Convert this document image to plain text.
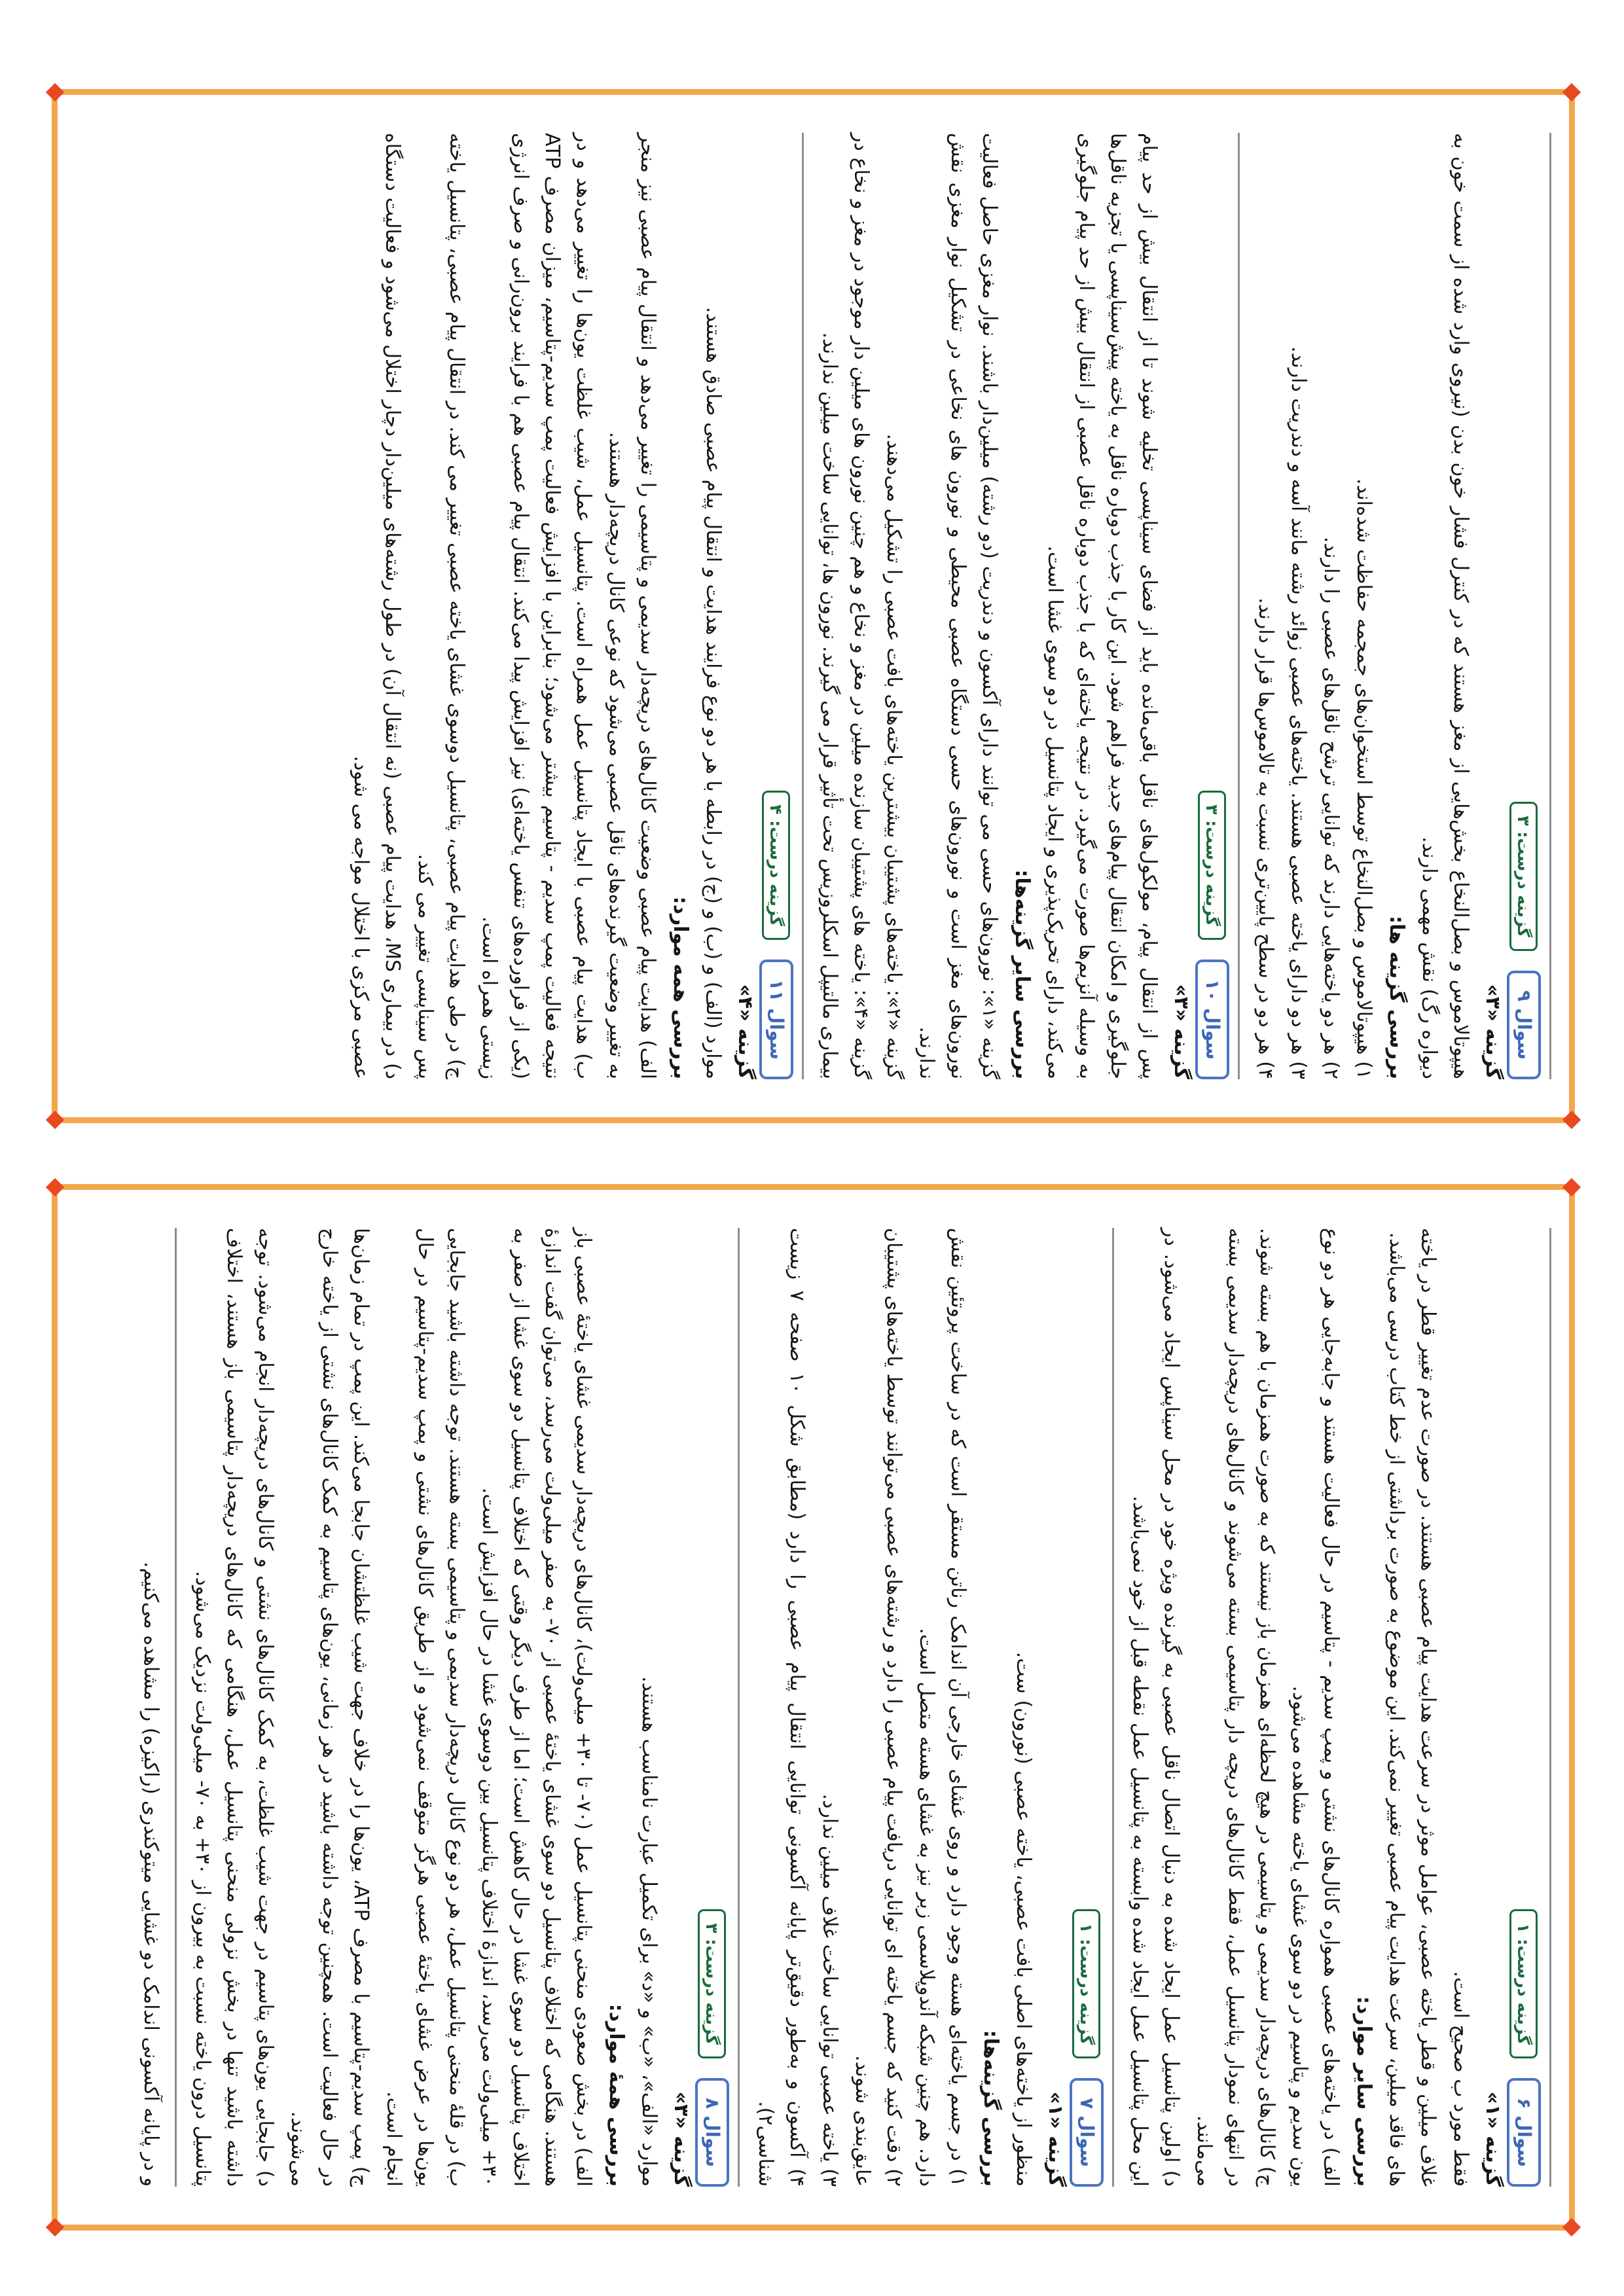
سوال ۹
گزینه درست: ۳
گزینه «۳»

هیپوتالاموس و بصل‌النخاع بخش‌هایی از مغز هستند که در کنترل فشار خون بدن (نیروی وارد شده از سمت خون به دیواره رگ) نقش مهمی دارند.

بررسی گزینه ها:

۱) هیپوتالاموس و بصل‌النخاع توسط استخوان‌های جمجمه حفاظت شده‌اند.

۲) هر دو یاخته‌هایی دارند که توانایی ترشح ناقل‌های عصبی را دارند.

۳) هر دو دارای یاخته عصبی هستند. یاخته‌های عصبی زوائد رشته مانند آسه و دندریت دارند.

۴) هر دو در سطح پایین‌تری نسبت به تالاموس‌ها قرار دارند.

سوال ۱۰
گزینه درست: ۳
گزینه «۳»

پس از انتقال پیام، مولکول‌های ناقل باقی‌مانده باید از فضای سیناپسی تخلیه شوند تا از انتقال بیش از حد پیام جلوگیری و امکان انتقال پیام‌های جدید فراهم شود. این کار با جذب دوباره ناقل به یاخته پیش‌سیناپسی یا تجزیه ناقل‌ها به وسیله آنزیم‌ها صورت می‌گیرد. در نتیجه یاخته‌ای که با جذب دوباره ناقل عصبی از انتقال بیش از حد پیام جلوگیری می‌کند، دارای تحریک‌پذیری و ایجاد پتانسیل در دو سوی غشا است.

بررسی سایر گزینه‌ها:

گزینه «۱»: نورون‌های حسی می توانند دارای آکسون و دندریت (دو رشته) میلین‌دار باشند. نوار مغزی حاصل فعالیت نورون‌های مغز است و نورون‌های حسی دستگاه عصبی محیطی و نورون های نخاعی در تشکیل نوار مغزی نقش ندارند.

گزینه «۲»: یاخته‌های پشتیبان بیشترین یاخته‌های بافت عصبی را تشکیل می‌دهند.

گزینه «۴»: یاخته های پشتیبان سازنده میلین در مغز و نخاع و هم چنین نورون های میلین دار موجود در مغز و نخاع در بیماری مالتیپل اسکلروزیس تحت تأثیر قرار می گیرند. نورون ها، توانایی ساخت میلین ندارند.

سوال ۱۱
گزینه درست: ۴
گزینه «۴»

موارد (الف) و (ب) و (ج) در رابطه با هر دو نوع فرایند هدایت و انتقال پیام عصبی صادق هستند.

بررسی همه موارد:

الف) هدایت پیام عصبی وضعیت کانال‌های دریچه‌دار سدیمی و پتاسیمی را تغییر می‌دهد و انتقال پیام عصبی نیز منجر به تغییر وضعیت گیرنده‌های ناقل عصبی می‌شود که نوعی کانال دریچه‌دار هستند.

ب) هدایت پیام عصبی با ایجاد پتانسیل عمل همراه است. پتانسیل عمل، شیب غلظت یون‌ها را تغییر می‌دهد و در نتیجه فعالیت پمپ سدیم - پتاسیم بیشتر می‌شود؛ بنابراین با افزایش فعالیت پمپ سدیم-پتاسیم، میزان مصرف ATP (یکی از فراورده‌های تنفس یاخته‌ای) نیز افزایش پیدا می‌کند. انتقال پیام عصبی هم با فرایند برون‌رانی و صرف انرژی زیستی همراه است.

ج) در طی هدایت پیام عصبی، پتانسیل دوسوی غشای یاخته عصبی تغییر می کند. در انتقال پیام عصبی، پتانسیل یاخته پس سیناپسی تغییر می کند.

د) در بیماری MS، هدایت پیام عصبی (نه انتقال آن) در طول رشته‌های میلین‌دار دچار اختلال می‌شود و فعالیت دستگاه عصبی مرکزی با اختلال مواجه می شود.

سوال ۶
گزینه درست: ۱
گزینه «۱»

فقط مورد ب صحیح است.

غلاف میلین و قطر یاخته عصبی، عوامل موثر در سرعت هدایت پیام عصبی هستند. در صورت عدم تغییر قطر در یاخته های فاقد میلین، سرعت هدایت پیام عصبی تغییر نمی‌کند. این موضوع به صورت برداشتی از خط کتاب درسی می‌باشد.

بررسی سایر موارد:

الف) در یاخته‌های عصبی همواره کانال‌های نشتی و پمپ سدیم - پتاسیم در حال فعالیت هستند و جابه‌جایی هر دو نوع یون سدیم و پتاسیم در دو سوی غشای یاخته مشاهده می‌شود.

ج) کانال‌های دریچه‌دار سدیمی و پتاسیمی در هیچ لحظه‌ای همزمان باز نیستند که به صورت همزمان با هم بسته شوند. در انتهای نمودار پتانسیل عمل، فقط کانال‌های دریچه دار پتاسیمی بسته می‌شوند و کانال‌های دریچه‌دار سدیمی بسته می‌مانند.

د) اولین پتانسیل عمل ایجاد شده به دنبال اتصال ناقل عصبی به گیرنده ویژه خود در محل سیناپس ایجاد می‌شود. در این محل پتانسیل عمل ایجاد شده وابسته به پتانسیل عمل نقطه قبل از خود نمی‌باشد.

سوال ۷
گزینه درست: ۱
گزینه «۱»

منظور از یاخته‌های اصلی بافت عصبی، یاخته عصبی (نورون) ست.

بررسی گزینه‌ها:

۱) در جسم یاخته‌ای هسته وجود دارد و روی غشای خارجی آن اندامک رناتن مستقر است که در ساخت پروتئین نقش دارد. هم چنین شبکه آندوپلاسمی زبر نیز به غشای هسته متصل است.

۲) دقت کنید که جسم یاخته ای توانایی دریافت پیام عصبی را دارد و رشته‌های عصبی می‌توانند توسط یاخته‌های پشتیبان عایق‌بندی شوند.

۳) یاخته عصبی توانایی ساخت غلاف میلین ندارد.

۴) آکسون و به‌طور دقیق‌تر پایانه آکسونی توانایی انتقال پیام عصبی را دارد (مطابق شکل ۱۰ صفحه ۷ زیست شناسی۲).

سوال ۸
گزینه درست: ۳
گزینه «۳»

موارد «الف»، «ب» و «د» برای تکمیل عبارت نامناسب هستند.

بررسی همهٔ موارد:

الف) در بخش صعودی منحنی پتانسیل عمل (۷۰- تا ۳۰+ میلی‌ولت)، کانال‌های دریچه‌دار سدیمی غشای یاختهٔ عصبی باز هستند. هنگامی که اختلاف پتانسیل دو سوی غشای یاختهٔ عصبی از ۷۰- به صفر میلی‌ولت می‌رسد، می‌توان گفت اندازهٔ اختلاف پتانسیل دو سوی غشا در حال کاهش است؛ اما از طرف دیگر وقتی که اختلاف پتانسیل دو سوی غشا از صفر به ۳۰+ میلی‌ولت می‌رسد، اندازهٔ اختلاف پتانسیل بین دوسوی غشا در حال افزایش است.

ب) در قلهٔ منحنی پتانسیل عمل، هر دو نوع کانال دریچه‌دار سدیمی و پتاسیمی بسته هستند. توجه داشته باشید جابجایی یون‌ها در عرض غشای یاختهٔ عصبی هرگز متوقف نمی‌شود و از طریق کانال‌های نشتی و پمپ سدیم-پتاسیم در حال انجام است.

ج) پمپ سدیم-پتاسیم با مصرف ATP، یون‌ها را در خلاف جهت شیب غلظتشان جابجا می‌کند. این پمپ در تمام زمان‌ها در حال فعالیت است. همچنین توجه داشته باشید در هر زمانی، یون‌های پتاسیم به کمک کانال‌های نشتی از یاخته خارج می‌شوند.

د) جابجایی یون‌های پتاسیم در جهت شیب غلظت، به کمک کانال‌های نشتی و کانال‌های دریچه‌دار انجام می‌شود. توجه داشته باشید تنها در بخش نزولی منحنی پتانسیل عمل، هنگامی که کانال‌های دریچه‌دار پتاسیمی باز هستند، اختلاف پتانسیل درون یاخته نسبت به بیرون از ۳۰+ به ۷۰- میلی‌ولت نزدیک می‌شود.

و در پایانه آکسونی اندامک دو غشایی میتوکندری (راکیزه) را مشاهده می‌کنیم.
